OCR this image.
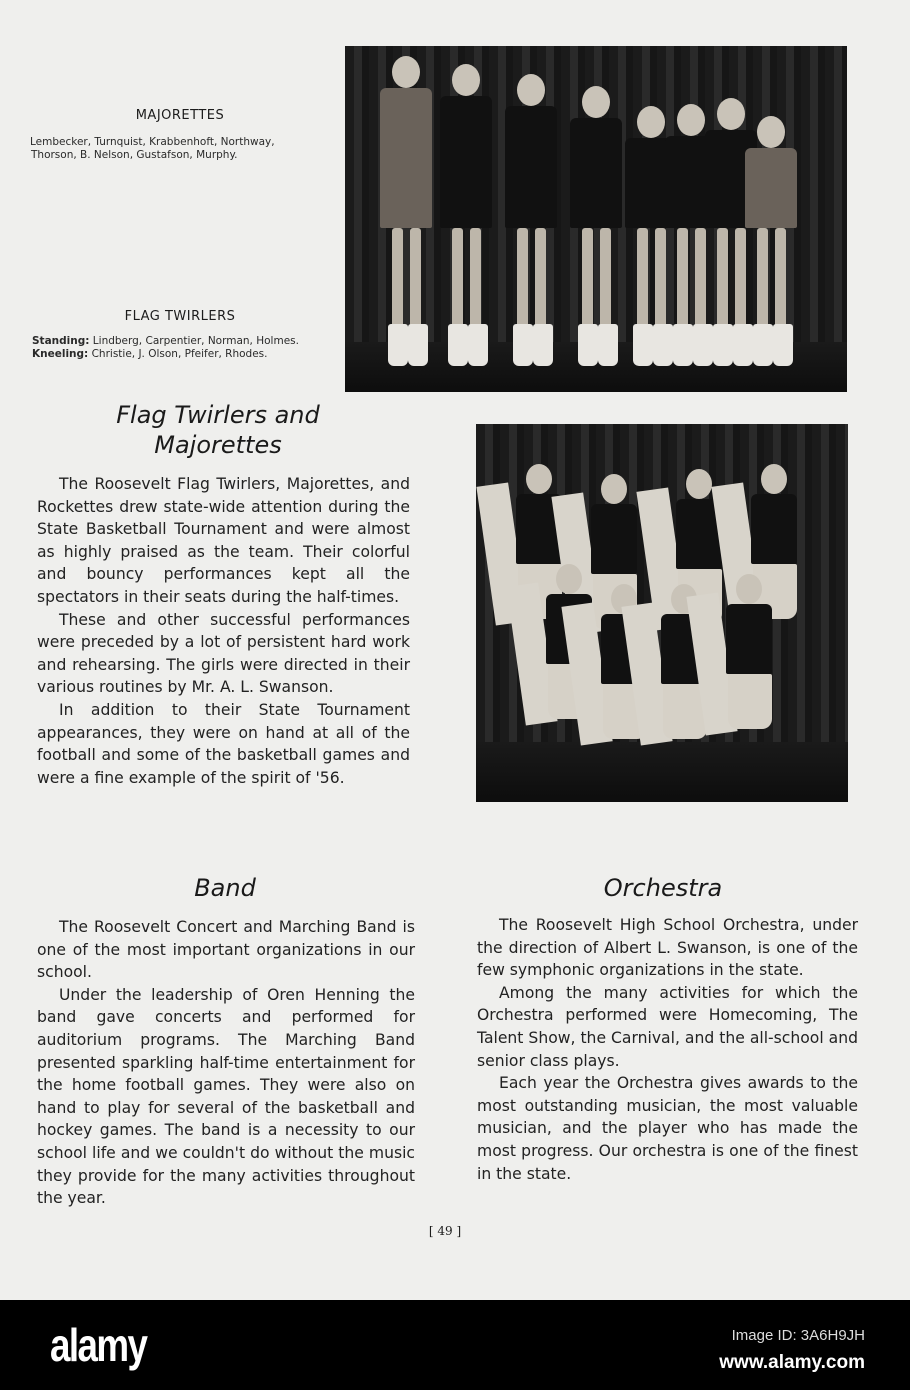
MAJORETTES
Lembecker, Turnquist, Krabbenhoft, Northway,
Thorson, B. Nelson, Gustafson, Murphy.
FLAG TWIRLERS
Standing: Lindberg, Carpentier, Norman, Holmes.
Kneeling: Christie, J. Olson, Pfeifer, Rhodes.
Flag Twirlers and
Majorettes

The Roosevelt Flag Twirlers, Majorettes, and Rockettes drew state-wide attention during the State Basketball Tournament and were almost as highly praised as the team. Their colorful and bouncy performances kept all the spectators in their seats during the half-times.

These and other successful performances were preceded by a lot of persistent hard work and rehearsing. The girls were directed in their various routines by Mr. A. L. Swanson.

In addition to their State Tournament appearances, they were on hand at all of the football and some of the basketball games and were a fine example of the spirit of '56.

Band

The Roosevelt Concert and Marching Band is one of the most important organizations in our school.

Under the leadership of Oren Henning the band gave concerts and performed for auditorium programs. The Marching Band presented sparkling half-time entertainment for the home football games. They were also on hand to play for several of the basketball and hockey games. The band is a necessity to our school life and we couldn't do without the music they provide for the many activities throughout the year.

Orchestra

The Roosevelt High School Orchestra, under the direction of Albert L. Swanson, is one of the few symphonic organizations in the state.

Among the many activities for which the Orchestra performed were Homecoming, The Talent Show, the Carnival, and the all-school and senior class plays.

Each year the Orchestra gives awards to the most outstanding musician, the most valuable musician, and the player who has made the most progress. Our orchestra is one of the finest in the state.

[ 49 ]
alamy	Image ID: 3A6H9JH
www.alamy.com
